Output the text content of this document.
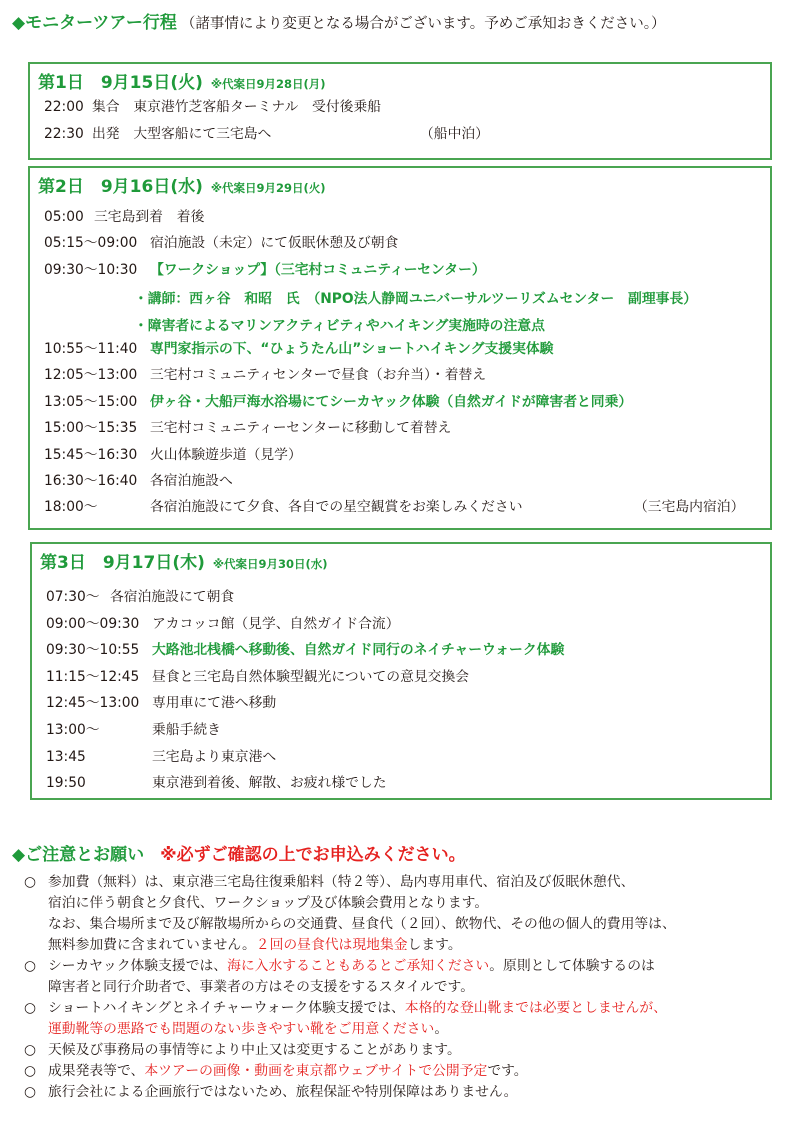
◆モニターツアー行程 （諸事情により変更となる場合がございます。予めご承知おきください。）
第1日　9月15日(火) ※代案日9月28日(月)
22:00 集合　東京港竹芝客船ターミナル　受付後乗船
22:30 出発　大型客船にて三宅島へ	（船中泊）
第2日　9月16日(水) ※代案日9月29日(火)
05:00 三宅島到着　着後
05:15～09:00 宿泊施設（未定）にて仮眠休憩及び朝食
09:30～10:30 【ワークショップ】（三宅村コミュニティーセンター）
・講師：西ヶ谷　和昭　氏　（NPO法人静岡ユニバーサルツーリズムセンター　副理事長）
・障害者によるマリンアクティビティやハイキング実施時の注意点
10:55～11:40 専門家指示の下、“ひょうたん山”ショートハイキング支援実体験
12:05～13:00 三宅村コミュニティセンターで昼食（お弁当）・着替え
13:05～15:00 伊ヶ谷・大船戸海水浴場にてシーカヤック体験（自然ガイドが障害者と同乗）
15:00～15:35 三宅村コミュニティーセンターに移動して着替え
15:45～16:30 火山体験遊歩道（見学）
16:30～16:40 各宿泊施設へ
18:00～	各宿泊施設にて夕食、各自での星空観賞をお楽しみください	（三宅島内宿泊）
第3日　9月17日(木) ※代案日9月30日(水)
07:30～ 各宿泊施設にて朝食
09:00～09:30 アカコッコ館（見学、自然ガイド合流）
09:30～10:55 大路池北桟橋へ移動後、自然ガイド同行のネイチャーウォーク体験
11:15～12:45 昼食と三宅島自然体験型観光についての意見交換会
12:45～13:00 専用車にて港へ移動
13:00～	乗船手続き
13:45	三宅島より東京港へ
19:50	東京港到着後、解散、お疲れ様でした
◆ご注意とお願い ※必ずご確認の上でお申込みください。
○ 参加費（無料）は、東京港三宅島往復乗船料（特２等）、島内専用車代、宿泊及び仮眠休憩代、
宿泊に伴う朝食と夕食代、ワークショップ及び体験会費用となります。
なお、集合場所まで及び解散場所からの交通費、昼食代（２回）、飲物代、その他の個人的費用等は、
無料参加費に含まれていません。２回の昼食代は現地集金します。
○ シーカヤック体験支援では、海に入水することもあるとご承知ください。原則として体験するのは
障害者と同行介助者で、事業者の方はその支援をするスタイルです。
○ ショートハイキングとネイチャーウォーク体験支援では、本格的な登山靴までは必要としませんが、
運動靴等の悪路でも問題のない歩きやすい靴をご用意ください。
○ 天候及び事務局の事情等により中止又は変更することがあります。
○ 成果発表等で、本ツアーの画像・動画を東京都ウェブサイトで公開予定です。
○ 旅行会社による企画旅行ではないため、旅程保証や特別保障はありません。
